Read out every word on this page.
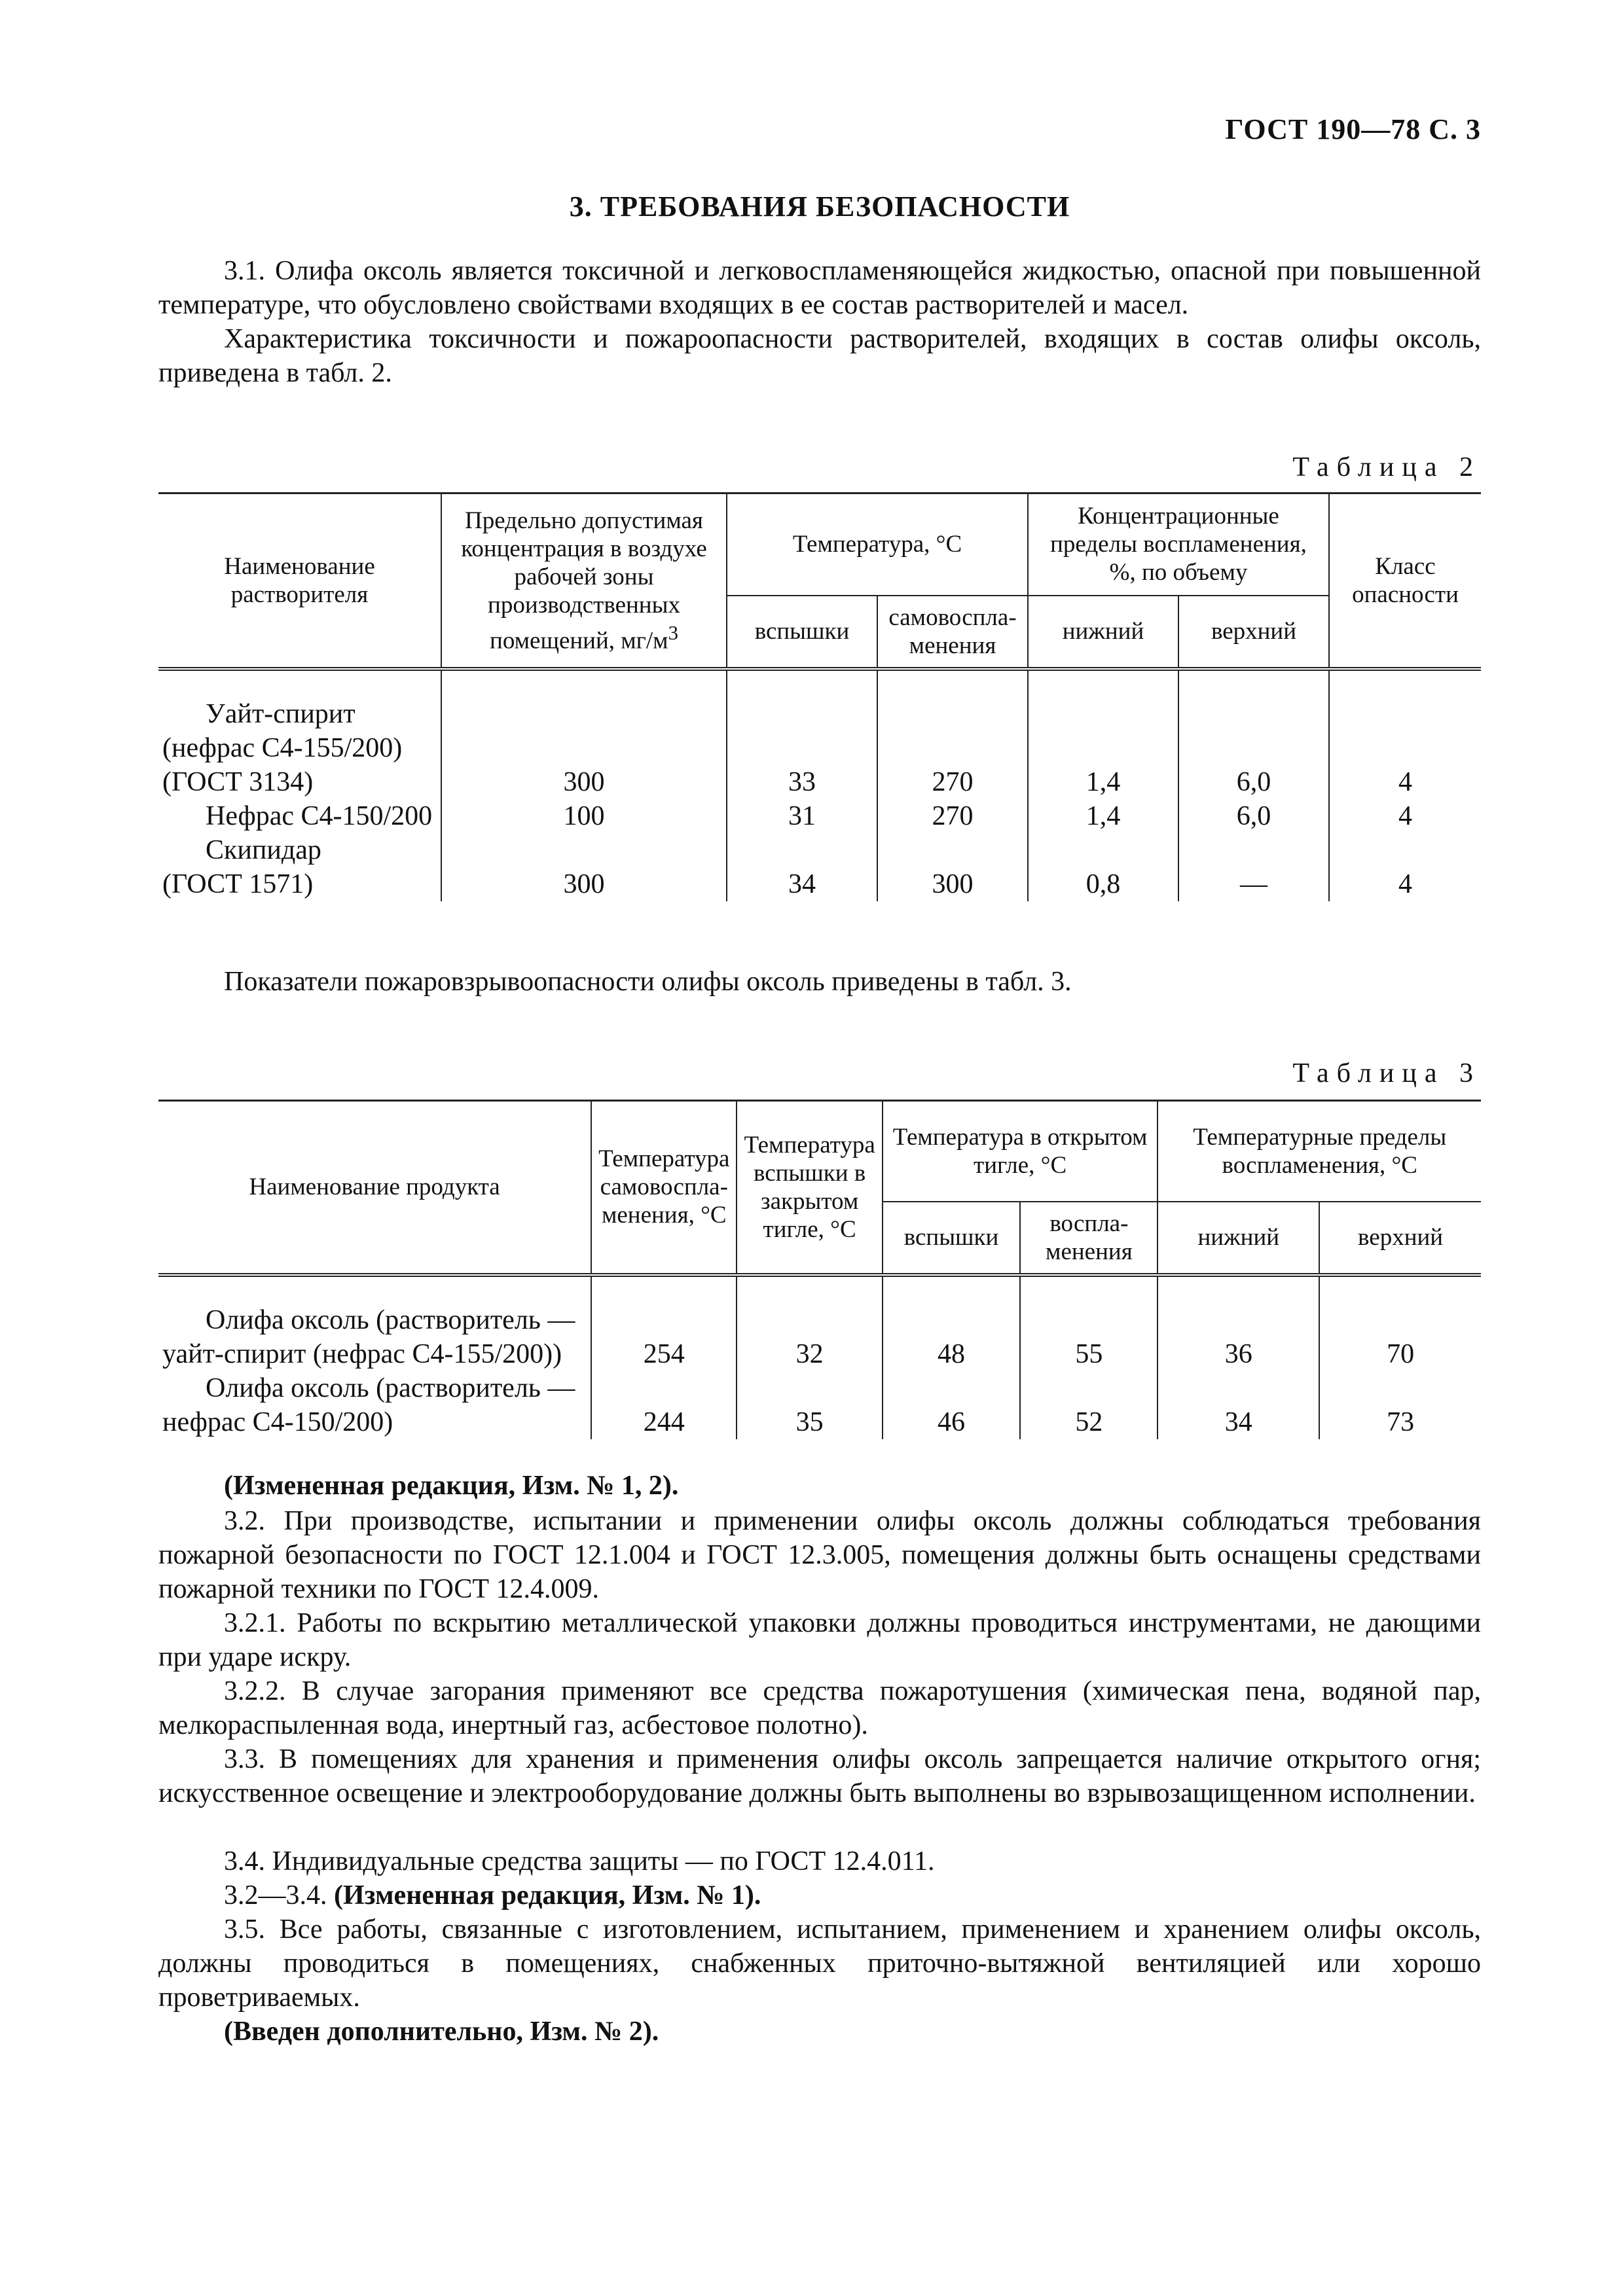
ГОСТ 190—78 С. 3
3. ТРЕБОВАНИЯ БЕЗОПАСНОСТИ
3.1. Олифа оксоль является токсичной и легковоспламеняющейся жидкостью, опасной при повышенной температуре, что обусловлено свойствами входящих в ее состав растворителей и масел.
Характеристика токсичности и пожароопасности растворителей, входящих в состав олифы оксоль, приведена в табл. 2.
Таблица 2
Наименование растворителя	Предельно допустимая концентрация в воздухе рабочей зоны производственных помещений, $мг/м^3$	Температура, °С		Концентрационные пределы воспламенения, %, по объему		Класс опасности
		вспышки	самовоспла-менения	нижний	верхний	

Уайт-спирит
(нефрас С4-155/200)
(ГОСТ 3134)	300	33	270	1,4	6,0	4

Нефрас С4-150/200	100	31	270	1,4	6,0	4

Скипидар
(ГОСТ 1571)	300	34	300	0,8	—	4
Показатели пожаровзрывоопасности олифы оксоль приведены в табл. 3.
Таблица 3
Наименование продукта	Температура самовоспла-менения, °С	Температура вспышки в закрытом тигле, °С	Температура в открытом тигле, °С		Температурные пределы воспламенения, °С	
			вспышки	воспла-менения	нижний	верхний

Олифа оксоль (растворитель —
уайт-спирит (нефрас С4-155/200))	254	32	48	55	36	70

Олифа оксоль (растворитель —
нефрас С4-150/200)	244	35	46	52	34	73
(Измененная редакция, Изм. № 1, 2).
3.2. При производстве, испытании и применении олифы оксоль должны соблюдаться требования пожарной безопасности по ГОСТ 12.1.004 и ГОСТ 12.3.005, помещения должны быть оснащены средствами пожарной техники по ГОСТ 12.4.009.
3.2.1. Работы по вскрытию металлической упаковки должны проводиться инструментами, не дающими при ударе искру.
3.2.2. В случае загорания применяют все средства пожаротушения (химическая пена, водяной пар, мелкораспыленная вода, инертный газ, асбестовое полотно).
3.3. В помещениях для хранения и применения олифы оксоль запрещается наличие открытого огня; искусственное освещение и электрооборудование должны быть выполнены во взрывозащищенном исполнении.
3.4. Индивидуальные средства защиты — по ГОСТ 12.4.011.
3.2—3.4. (Измененная редакция, Изм. № 1).
3.5. Все работы, связанные с изготовлением, испытанием, применением и хранением олифы оксоль, должны проводиться в помещениях, снабженных приточно-вытяжной вентиляцией или хорошо проветриваемых.
(Введен дополнительно, Изм. № 2).
